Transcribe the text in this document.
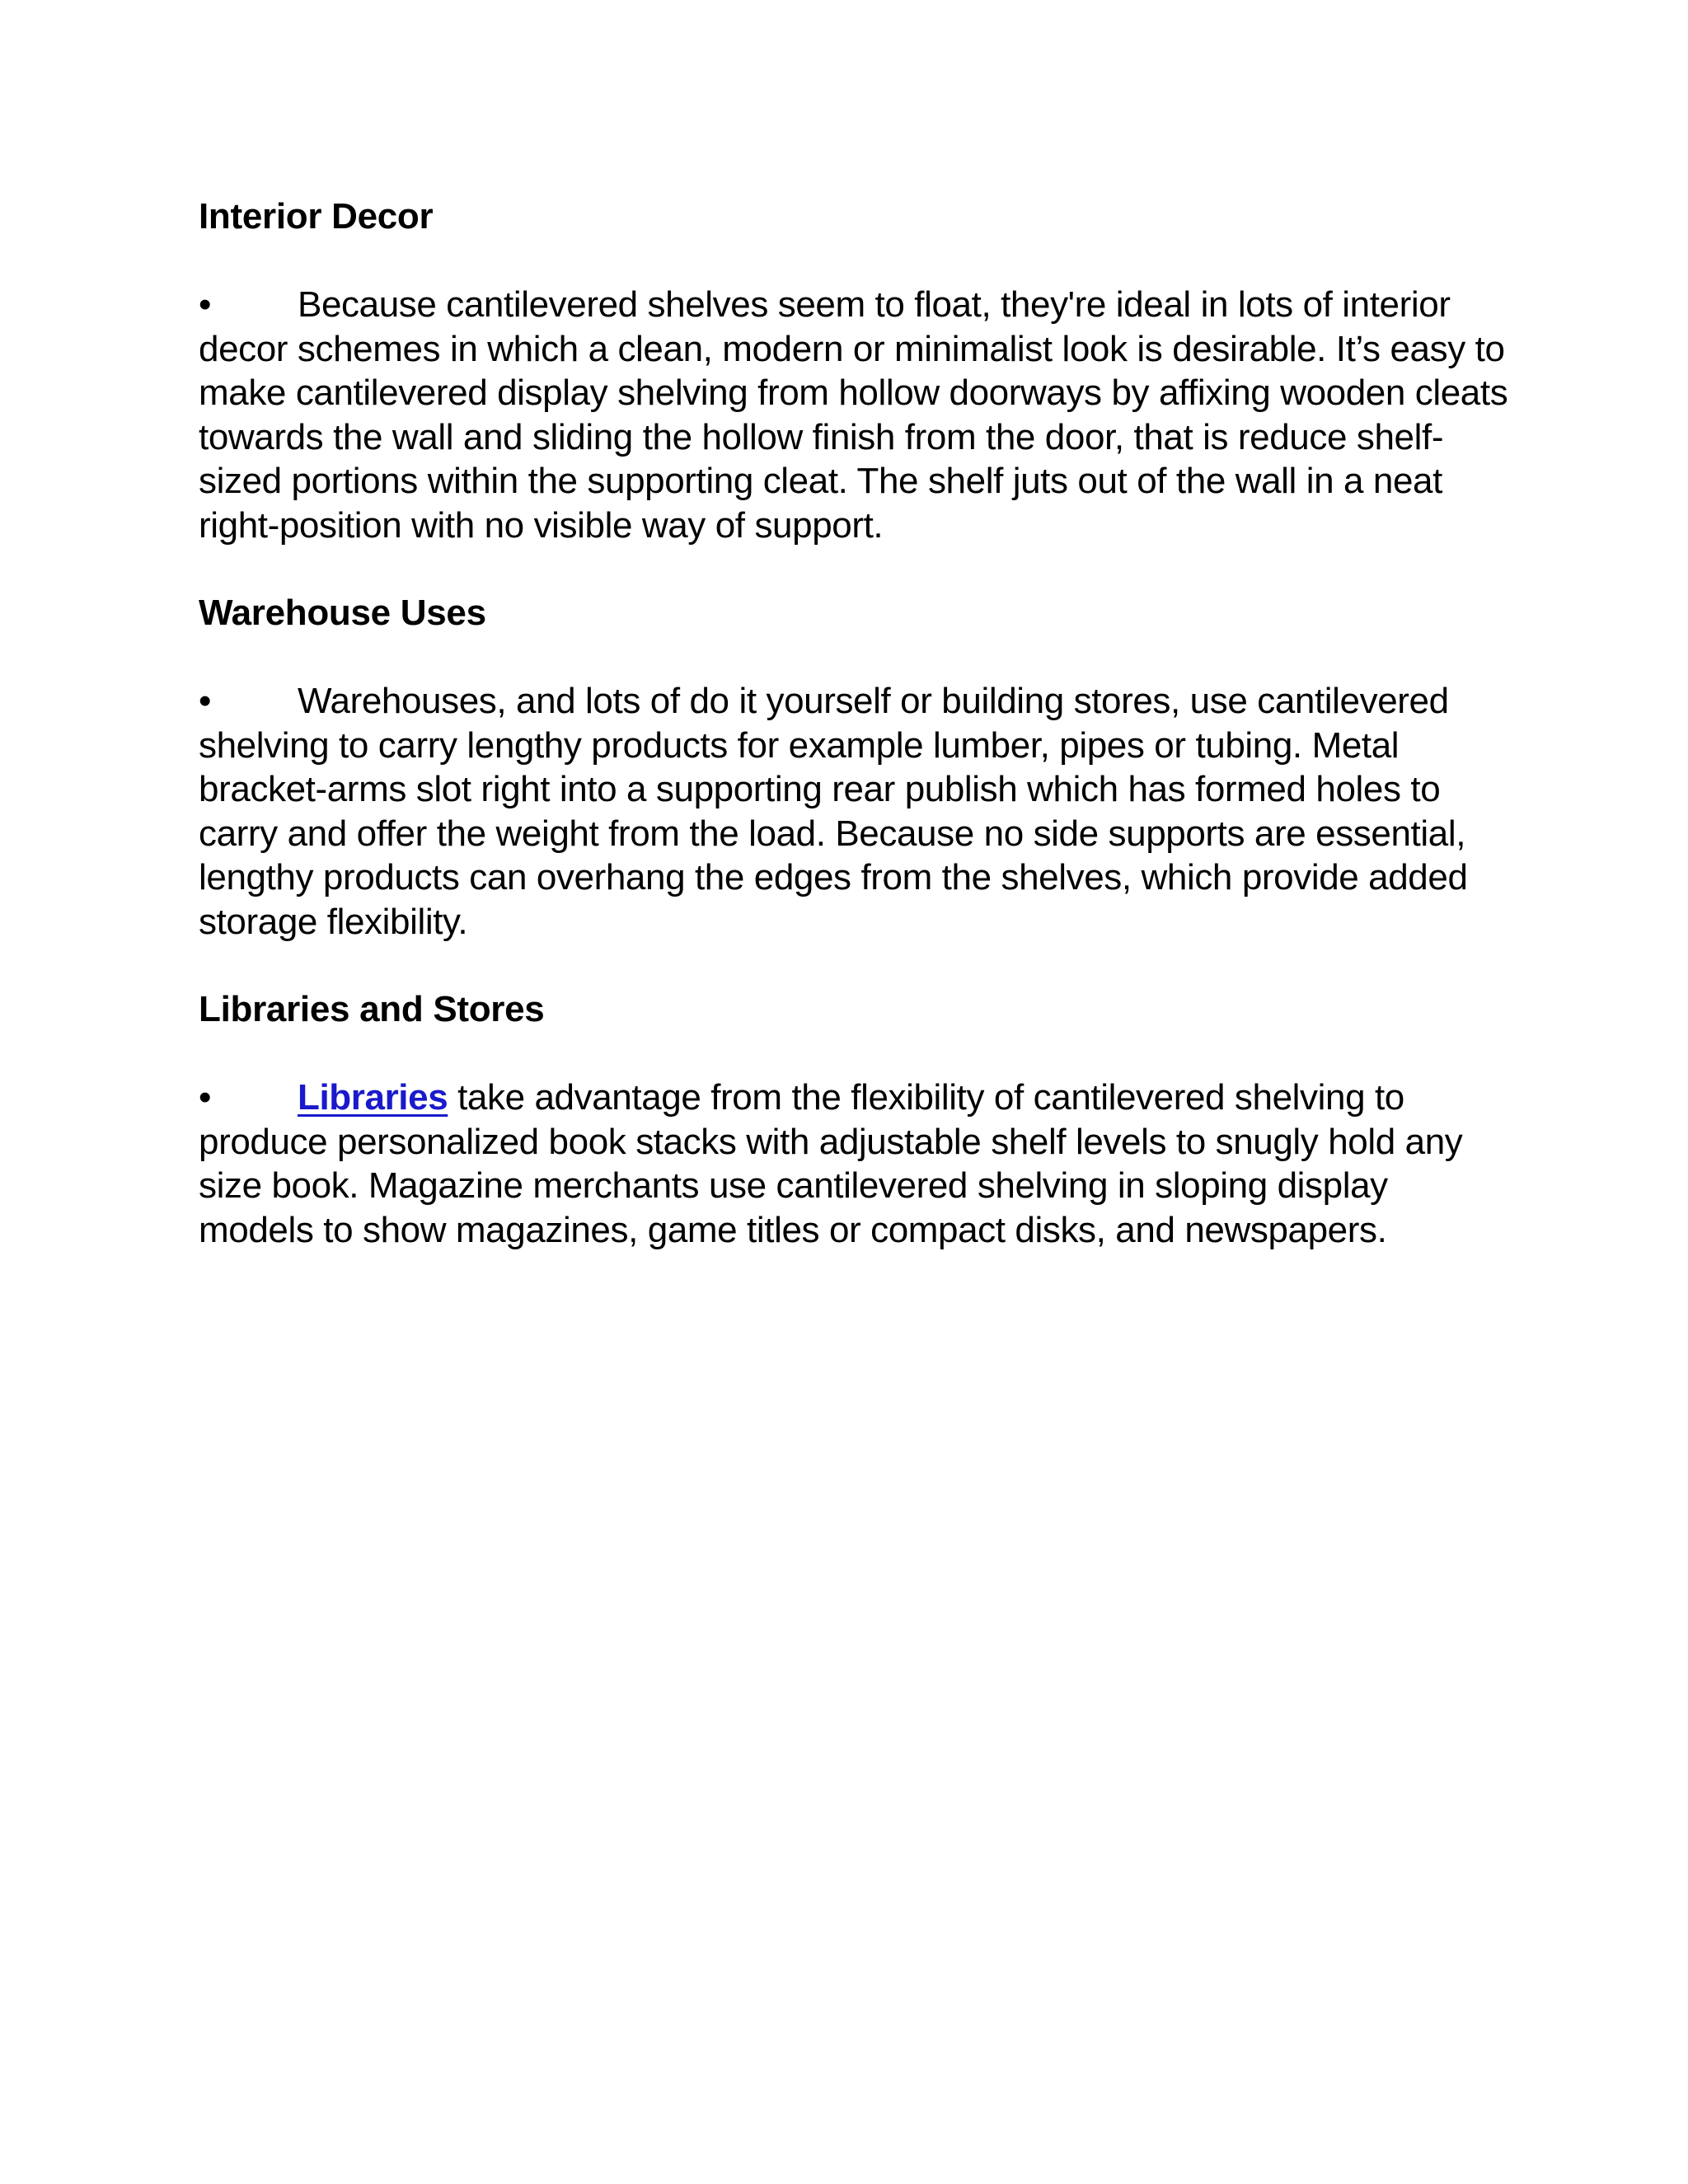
Interior Decor

• Because cantilevered shelves seem to float, they're ideal in lots of interior decor schemes in which a clean, modern or minimalist look is desirable. It’s easy to make cantilevered display shelving from hollow doorways by affixing wooden cleats towards the wall and sliding the hollow finish from the door, that is reduce shelf-sized portions within the supporting cleat. The shelf juts out of the wall in a neat right-position with no visible way of support.

Warehouse Uses

• Warehouses, and lots of do it yourself or building stores, use cantilevered shelving to carry lengthy products for example lumber, pipes or tubing. Metal bracket-arms slot right into a supporting rear publish which has formed holes to carry and offer the weight from the load. Because no side supports are essential, lengthy products can overhang the edges from the shelves, which provide added storage flexibility.

Libraries and Stores

• Libraries take advantage from the flexibility of cantilevered shelving to produce personalized book stacks with adjustable shelf levels to snugly hold any size book. Magazine merchants use cantilevered shelving in sloping display models to show magazines, game titles or compact disks, and newspapers.
